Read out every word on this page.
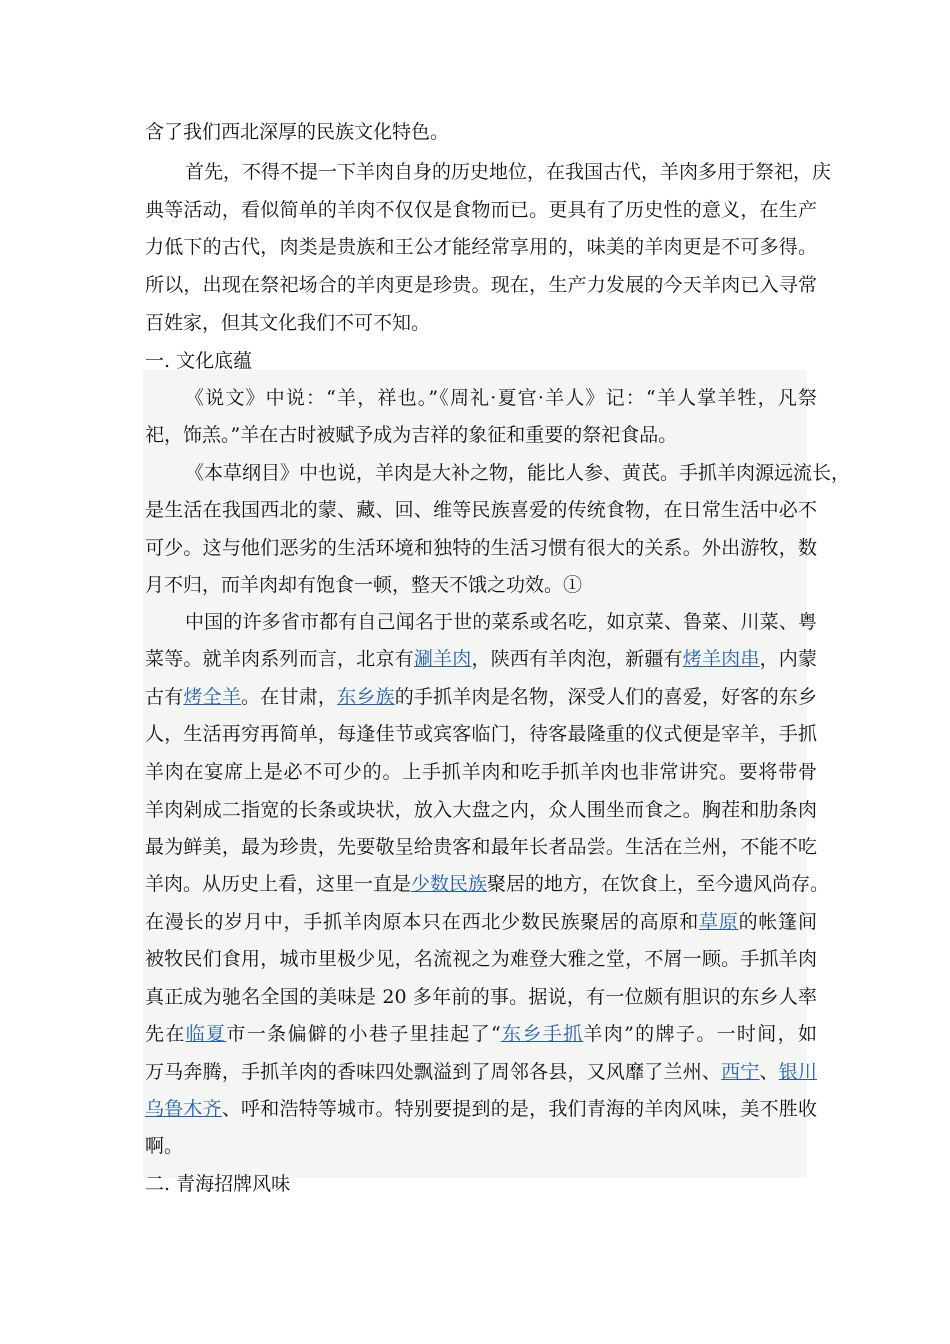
含了我们西北深厚的民族文化特色。
首先，不得不提一下羊肉自身的历史地位，在我国古代，羊肉多用于祭祀，庆
典等活动，看似简单的羊肉不仅仅是食物而已。更具有了历史性的意义，在生产
力低下的古代，肉类是贵族和王公才能经常享用的，味美的羊肉更是不可多得。
所以，出现在祭祀场合的羊肉更是珍贵。现在，生产力发展的今天羊肉已入寻常
百姓家，但其文化我们不可不知。
一. 文化底蕴
《说文》中说：“羊，祥也。”《周礼·夏官·羊人》记：“羊人掌羊牲，凡祭
祀，饰羔。”羊在古时被赋予成为吉祥的象征和重要的祭祀食品。
《本草纲目》中也说，羊肉是大补之物，能比人参、黄芪。手抓羊肉源远流长，
是生活在我国西北的蒙、藏、回、维等民族喜爱的传统食物，在日常生活中必不
可少。这与他们恶劣的生活环境和独特的生活习惯有很大的关系。外出游牧，数
月不归，而羊肉却有饱食一顿，整天不饿之功效。①
中国的许多省市都有自己闻名于世的菜系或名吃，如京菜、鲁菜、川菜、粤
菜等。就羊肉系列而言，北京有涮羊肉，陕西有羊肉泡，新疆有烤羊肉串，内蒙
古有烤全羊。在甘肃，东乡族的手抓羊肉是名物，深受人们的喜爱，好客的东乡
人，生活再穷再简单，每逢佳节或宾客临门，待客最隆重的仪式便是宰羊，手抓
羊肉在宴席上是必不可少的。上手抓羊肉和吃手抓羊肉也非常讲究。要将带骨
羊肉剁成二指宽的长条或块状，放入大盘之内，众人围坐而食之。胸茬和肋条肉
最为鲜美，最为珍贵，先要敬呈给贵客和最年长者品尝。生活在兰州，不能不吃
羊肉。从历史上看，这里一直是少数民族聚居的地方，在饮食上，至今遗风尚存。
在漫长的岁月中，手抓羊肉原本只在西北少数民族聚居的高原和草原的帐篷间
被牧民们食用，城市里极少见，名流视之为难登大雅之堂，不屑一顾。手抓羊肉
真正成为驰名全国的美味是 20 多年前的事。据说，有一位颇有胆识的东乡人率
先在临夏市一条偏僻的小巷子里挂起了“东乡手抓羊肉”的牌子。一时间，如
万马奔腾，手抓羊肉的香味四处飘溢到了周邻各县，又风靡了兰州、西宁、银川
乌鲁木齐、呼和浩特等城市。特别要提到的是，我们青海的羊肉风味，美不胜收
啊。
二. 青海招牌风味
